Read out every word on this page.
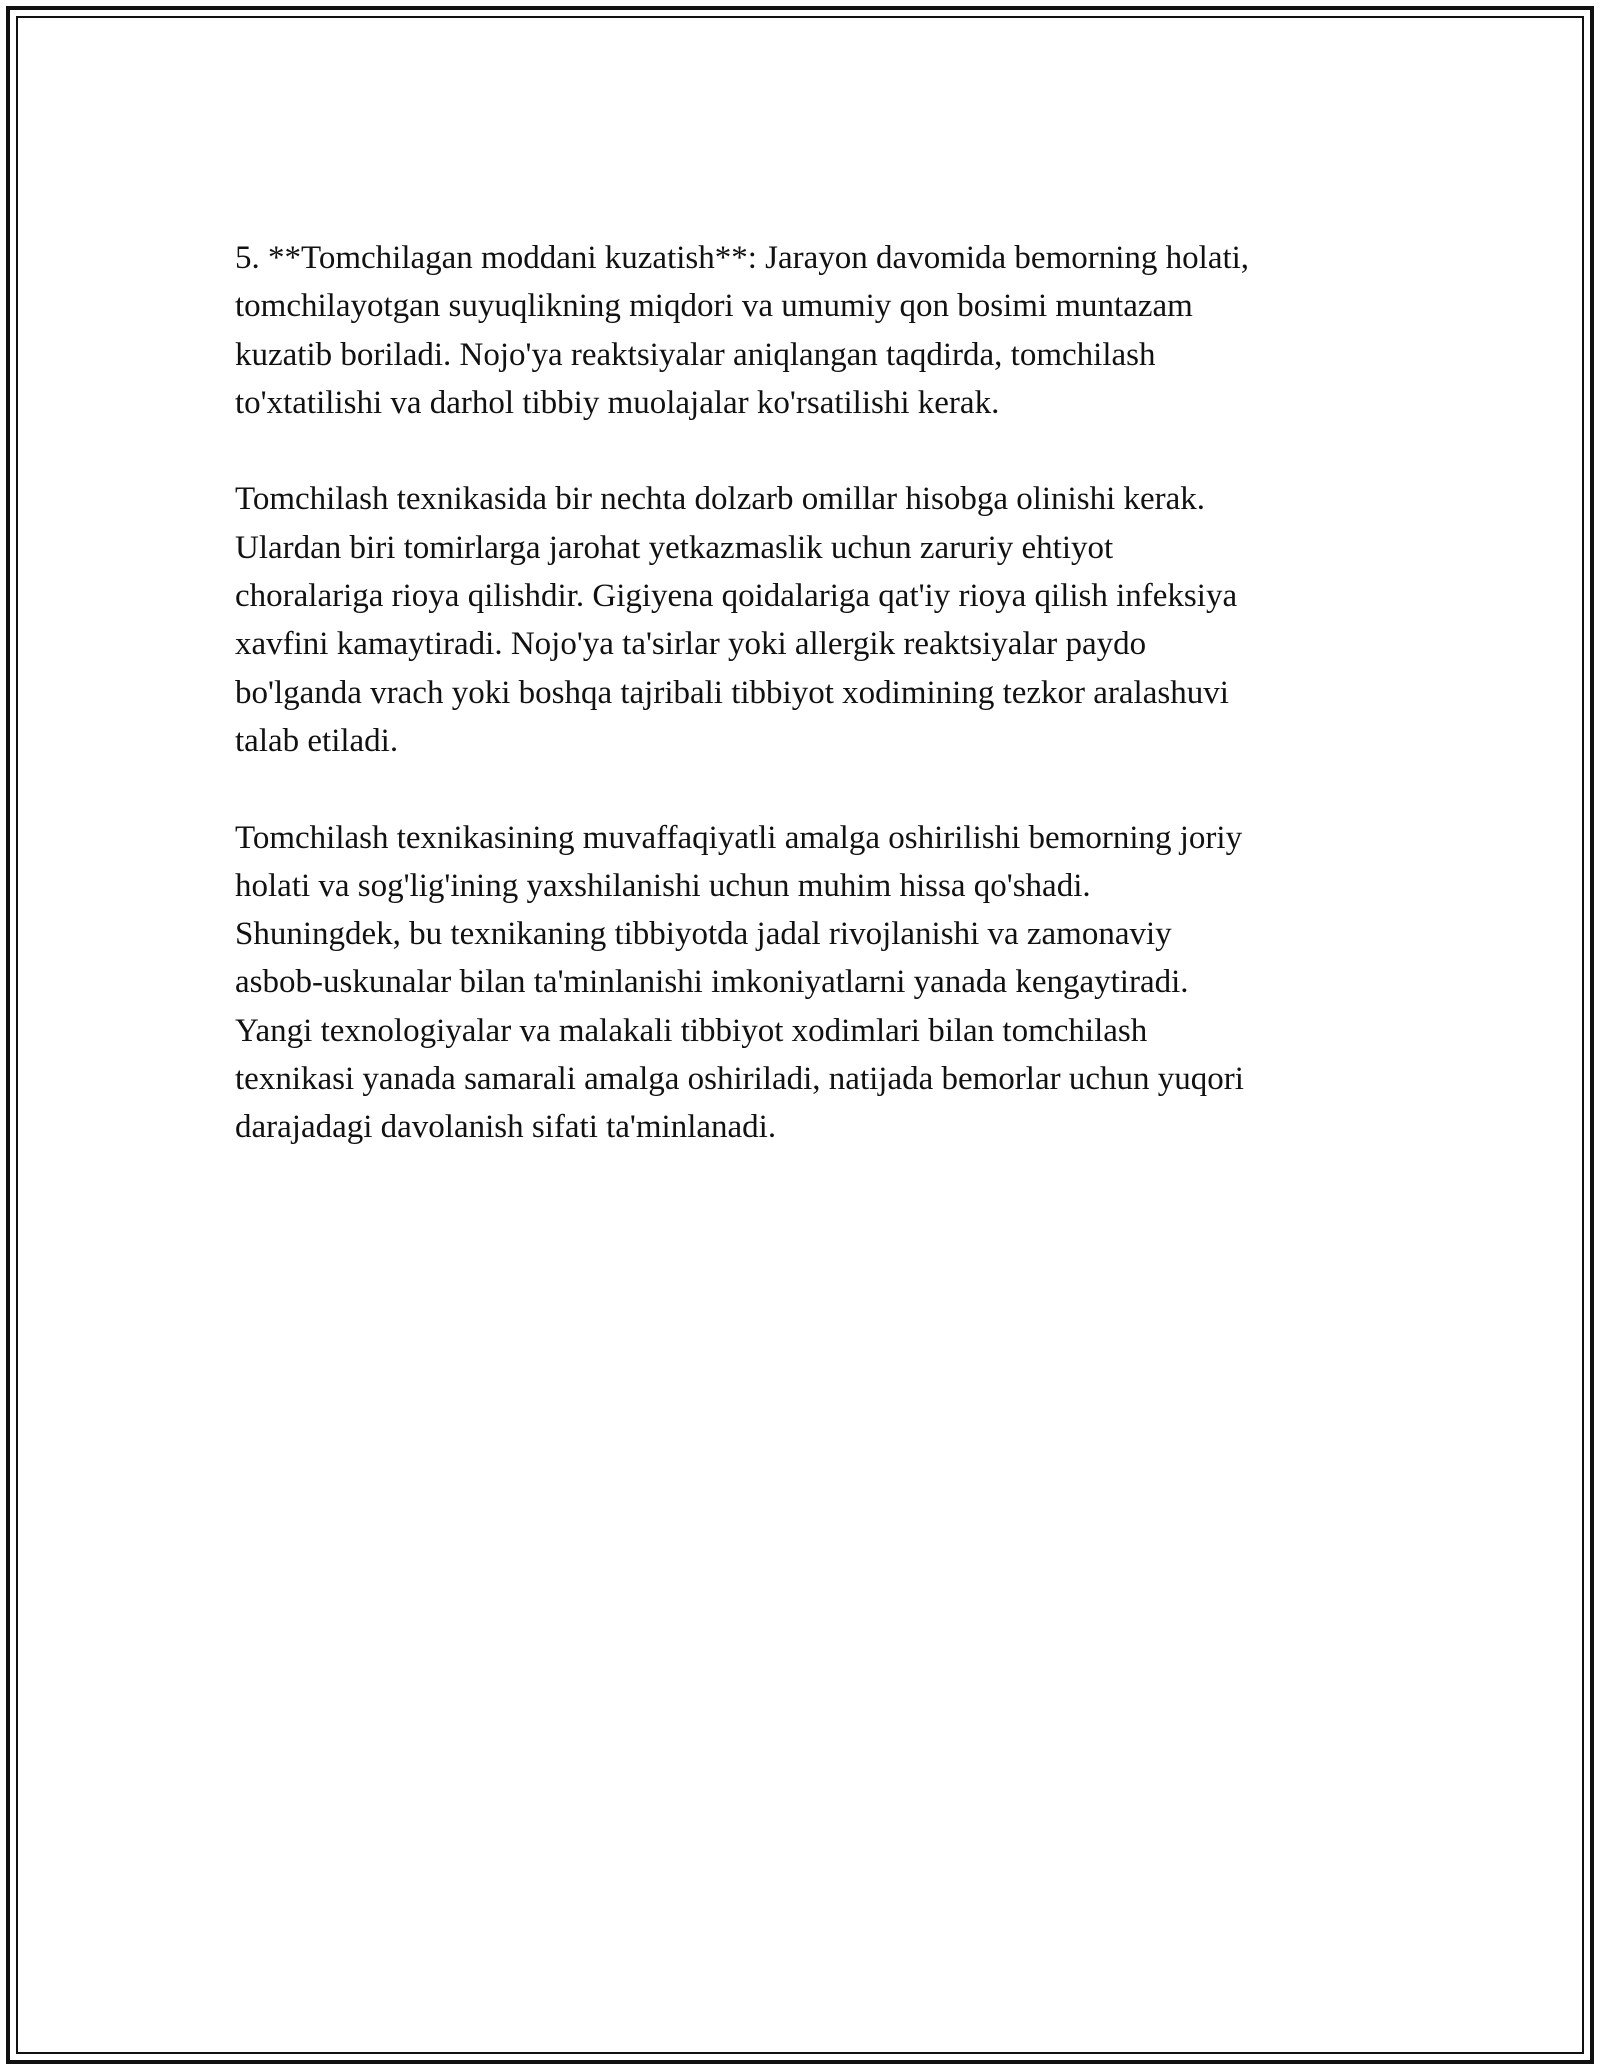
5. **Tomchilagan moddani kuzatish**: Jarayon davomida bemorning holati,
tomchilayotgan suyuqlikning miqdori va umumiy qon bosimi muntazam
kuzatib boriladi. Nojo'ya reaktsiyalar aniqlangan taqdirda, tomchilash
to'xtatilishi va darhol tibbiy muolajalar ko'rsatilishi kerak.

Tomchilash texnikasida bir nechta dolzarb omillar hisobga olinishi kerak.
Ulardan biri tomirlarga jarohat yetkazmaslik uchun zaruriy ehtiyot
choralariga rioya qilishdir. Gigiyena qoidalariga qat'iy rioya qilish infeksiya
xavfini kamaytiradi. Nojo'ya ta'sirlar yoki allergik reaktsiyalar paydo
bo'lganda vrach yoki boshqa tajribali tibbiyot xodimining tezkor aralashuvi
talab etiladi.

Tomchilash texnikasining muvaffaqiyatli amalga oshirilishi bemorning joriy
holati va sog'lig'ining yaxshilanishi uchun muhim hissa qo'shadi.
Shuningdek, bu texnikaning tibbiyotda jadal rivojlanishi va zamonaviy
asbob-uskunalar bilan ta'minlanishi imkoniyatlarni yanada kengaytiradi.
Yangi texnologiyalar va malakali tibbiyot xodimlari bilan tomchilash
texnikasi yanada samarali amalga oshiriladi, natijada bemorlar uchun yuqori
darajadagi davolanish sifati ta'minlanadi.
